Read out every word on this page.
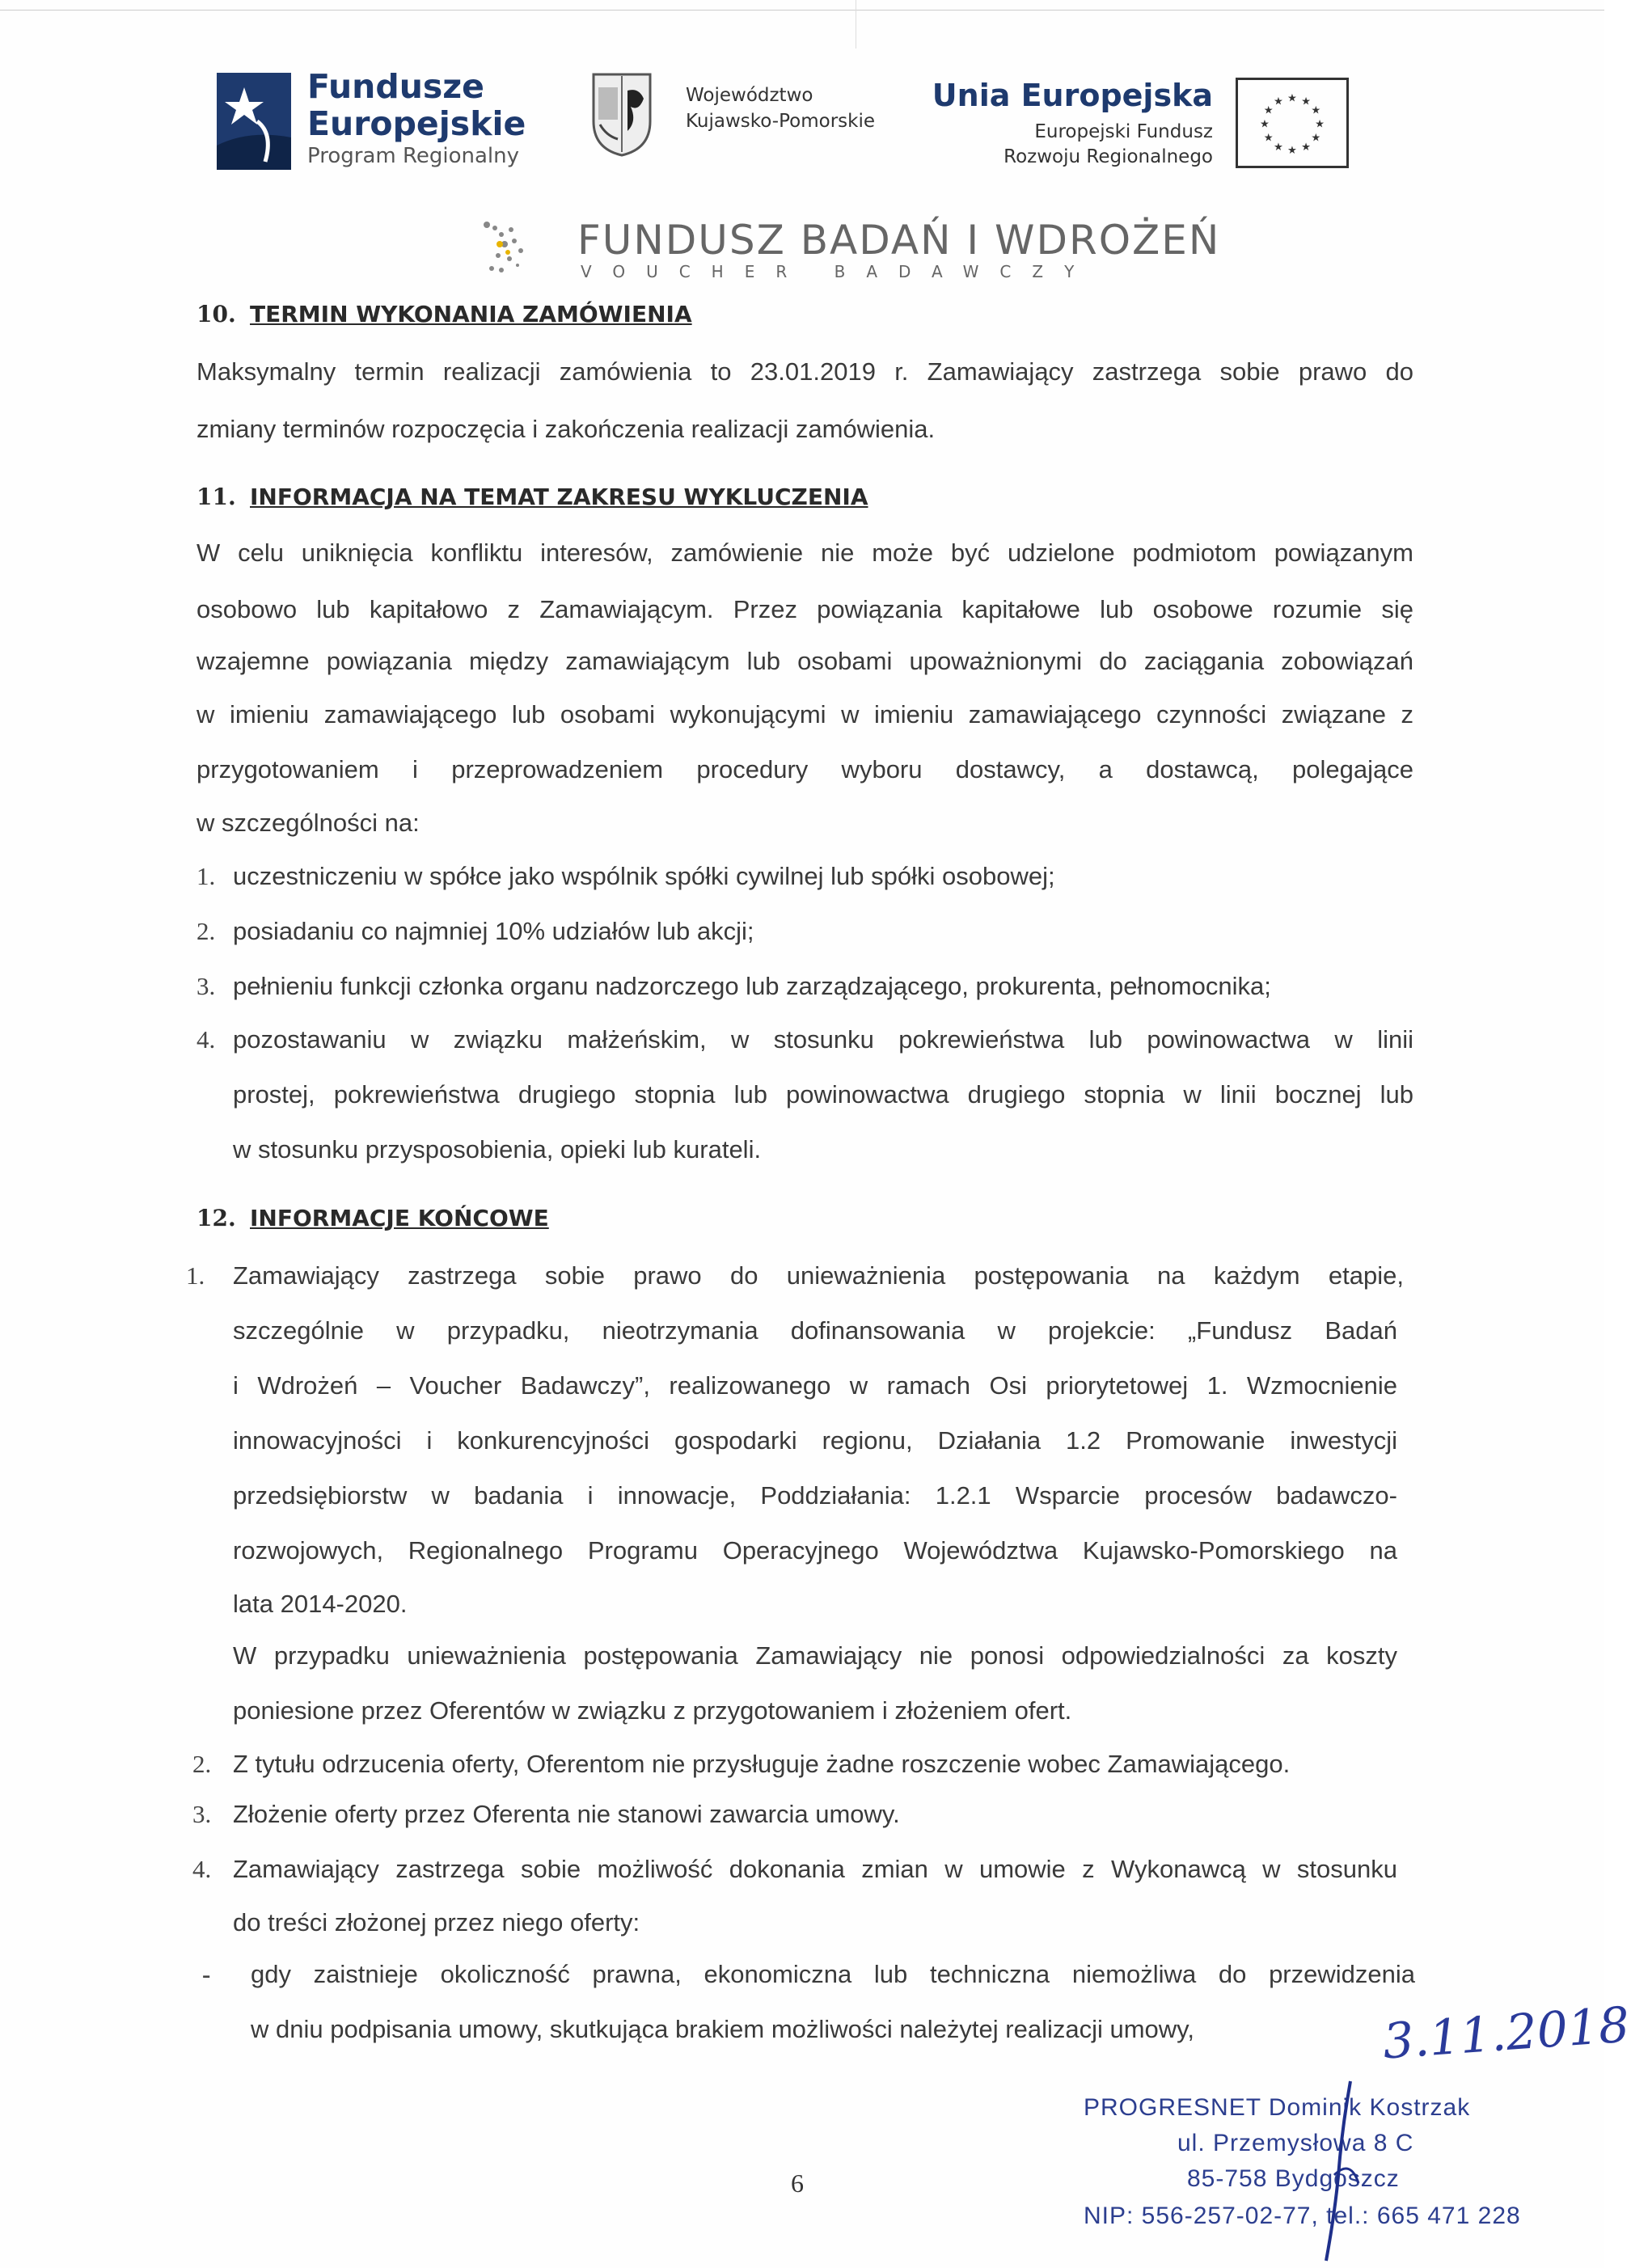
Fundusze
Europejskie
Program Regionalny
Województwo
Kujawsko-Pomorskie
Unia Europejska
Europejski Fundusz
Rozwoju Regionalnego
★ ★
★
★
★
★
★
★
★
★
★
★
FUNDUSZ BADAŃ I WDROŻEŃ
VOUCHER BADAWCZY
10. TERMIN WYKONANIA ZAMÓWIENIA
Maksymalny termin realizacji zamówienia to 23.01.2019 r. Zamawiający zastrzega sobie prawo do
zmiany terminów rozpoczęcia i zakończenia realizacji zamówienia.
11. INFORMACJA NA TEMAT ZAKRESU WYKLUCZENIA
W celu uniknięcia konfliktu interesów, zamówienie nie może być udzielone podmiotom powiązanym
osobowo lub kapitałowo z Zamawiającym. Przez powiązania kapitałowe lub osobowe rozumie się
wzajemne powiązania między zamawiającym lub osobami upoważnionymi do zaciągania zobowiązań
w imieniu zamawiającego lub osobami wykonującymi w imieniu zamawiającego czynności związane z
przygotowaniem i przeprowadzeniem procedury wyboru dostawcy, a dostawcą, polegające
w szczególności na:
1. uczestniczeniu w spółce jako wspólnik spółki cywilnej lub spółki osobowej;
2. posiadaniu co najmniej 10% udziałów lub akcji;
3. pełnieniu funkcji członka organu nadzorczego lub zarządzającego, prokurenta, pełnomocnika;
4. pozostawaniu w związku małżeńskim, w stosunku pokrewieństwa lub powinowactwa w linii
prostej, pokrewieństwa drugiego stopnia lub powinowactwa drugiego stopnia w linii bocznej lub
w stosunku przysposobienia, opieki lub kurateli.
12. INFORMACJE KOŃCOWE
1. Zamawiający zastrzega sobie prawo do unieważnienia postępowania na każdym etapie,
szczególnie w przypadku, nieotrzymania dofinansowania w projekcie: „Fundusz Badań
i Wdrożeń – Voucher Badawczy”, realizowanego w ramach Osi priorytetowej 1. Wzmocnienie
innowacyjności i konkurencyjności gospodarki regionu, Działania 1.2 Promowanie inwestycji
przedsiębiorstw w badania i innowacje, Poddziałania: 1.2.1 Wsparcie procesów badawczo-
rozwojowych, Regionalnego Programu Operacyjnego Województwa Kujawsko-Pomorskiego na
lata 2014-2020.
W przypadku unieważnienia postępowania Zamawiający nie ponosi odpowiedzialności za koszty
poniesione przez Oferentów w związku z przygotowaniem i złożeniem ofert.
2. Z tytułu odrzucenia oferty, Oferentom nie przysługuje żadne roszczenie wobec Zamawiającego.
3. Złożenie oferty przez Oferenta nie stanowi zawarcia umowy.
4. Zamawiający zastrzega sobie możliwość dokonania zmian w umowie z Wykonawcą w stosunku
do treści złożonej przez niego oferty:
- gdy zaistnieje okoliczność prawna, ekonomiczna lub techniczna niemożliwa do przewidzenia
w dniu podpisania umowy, skutkująca brakiem możliwości należytej realizacji umowy,
6
3.11.2018
PROGRESNET Dominik Kostrzak
ul. Przemysłowa 8 C
85-758 Bydgoszcz
NIP: 556-257-02-77, tel.: 665 471 228
